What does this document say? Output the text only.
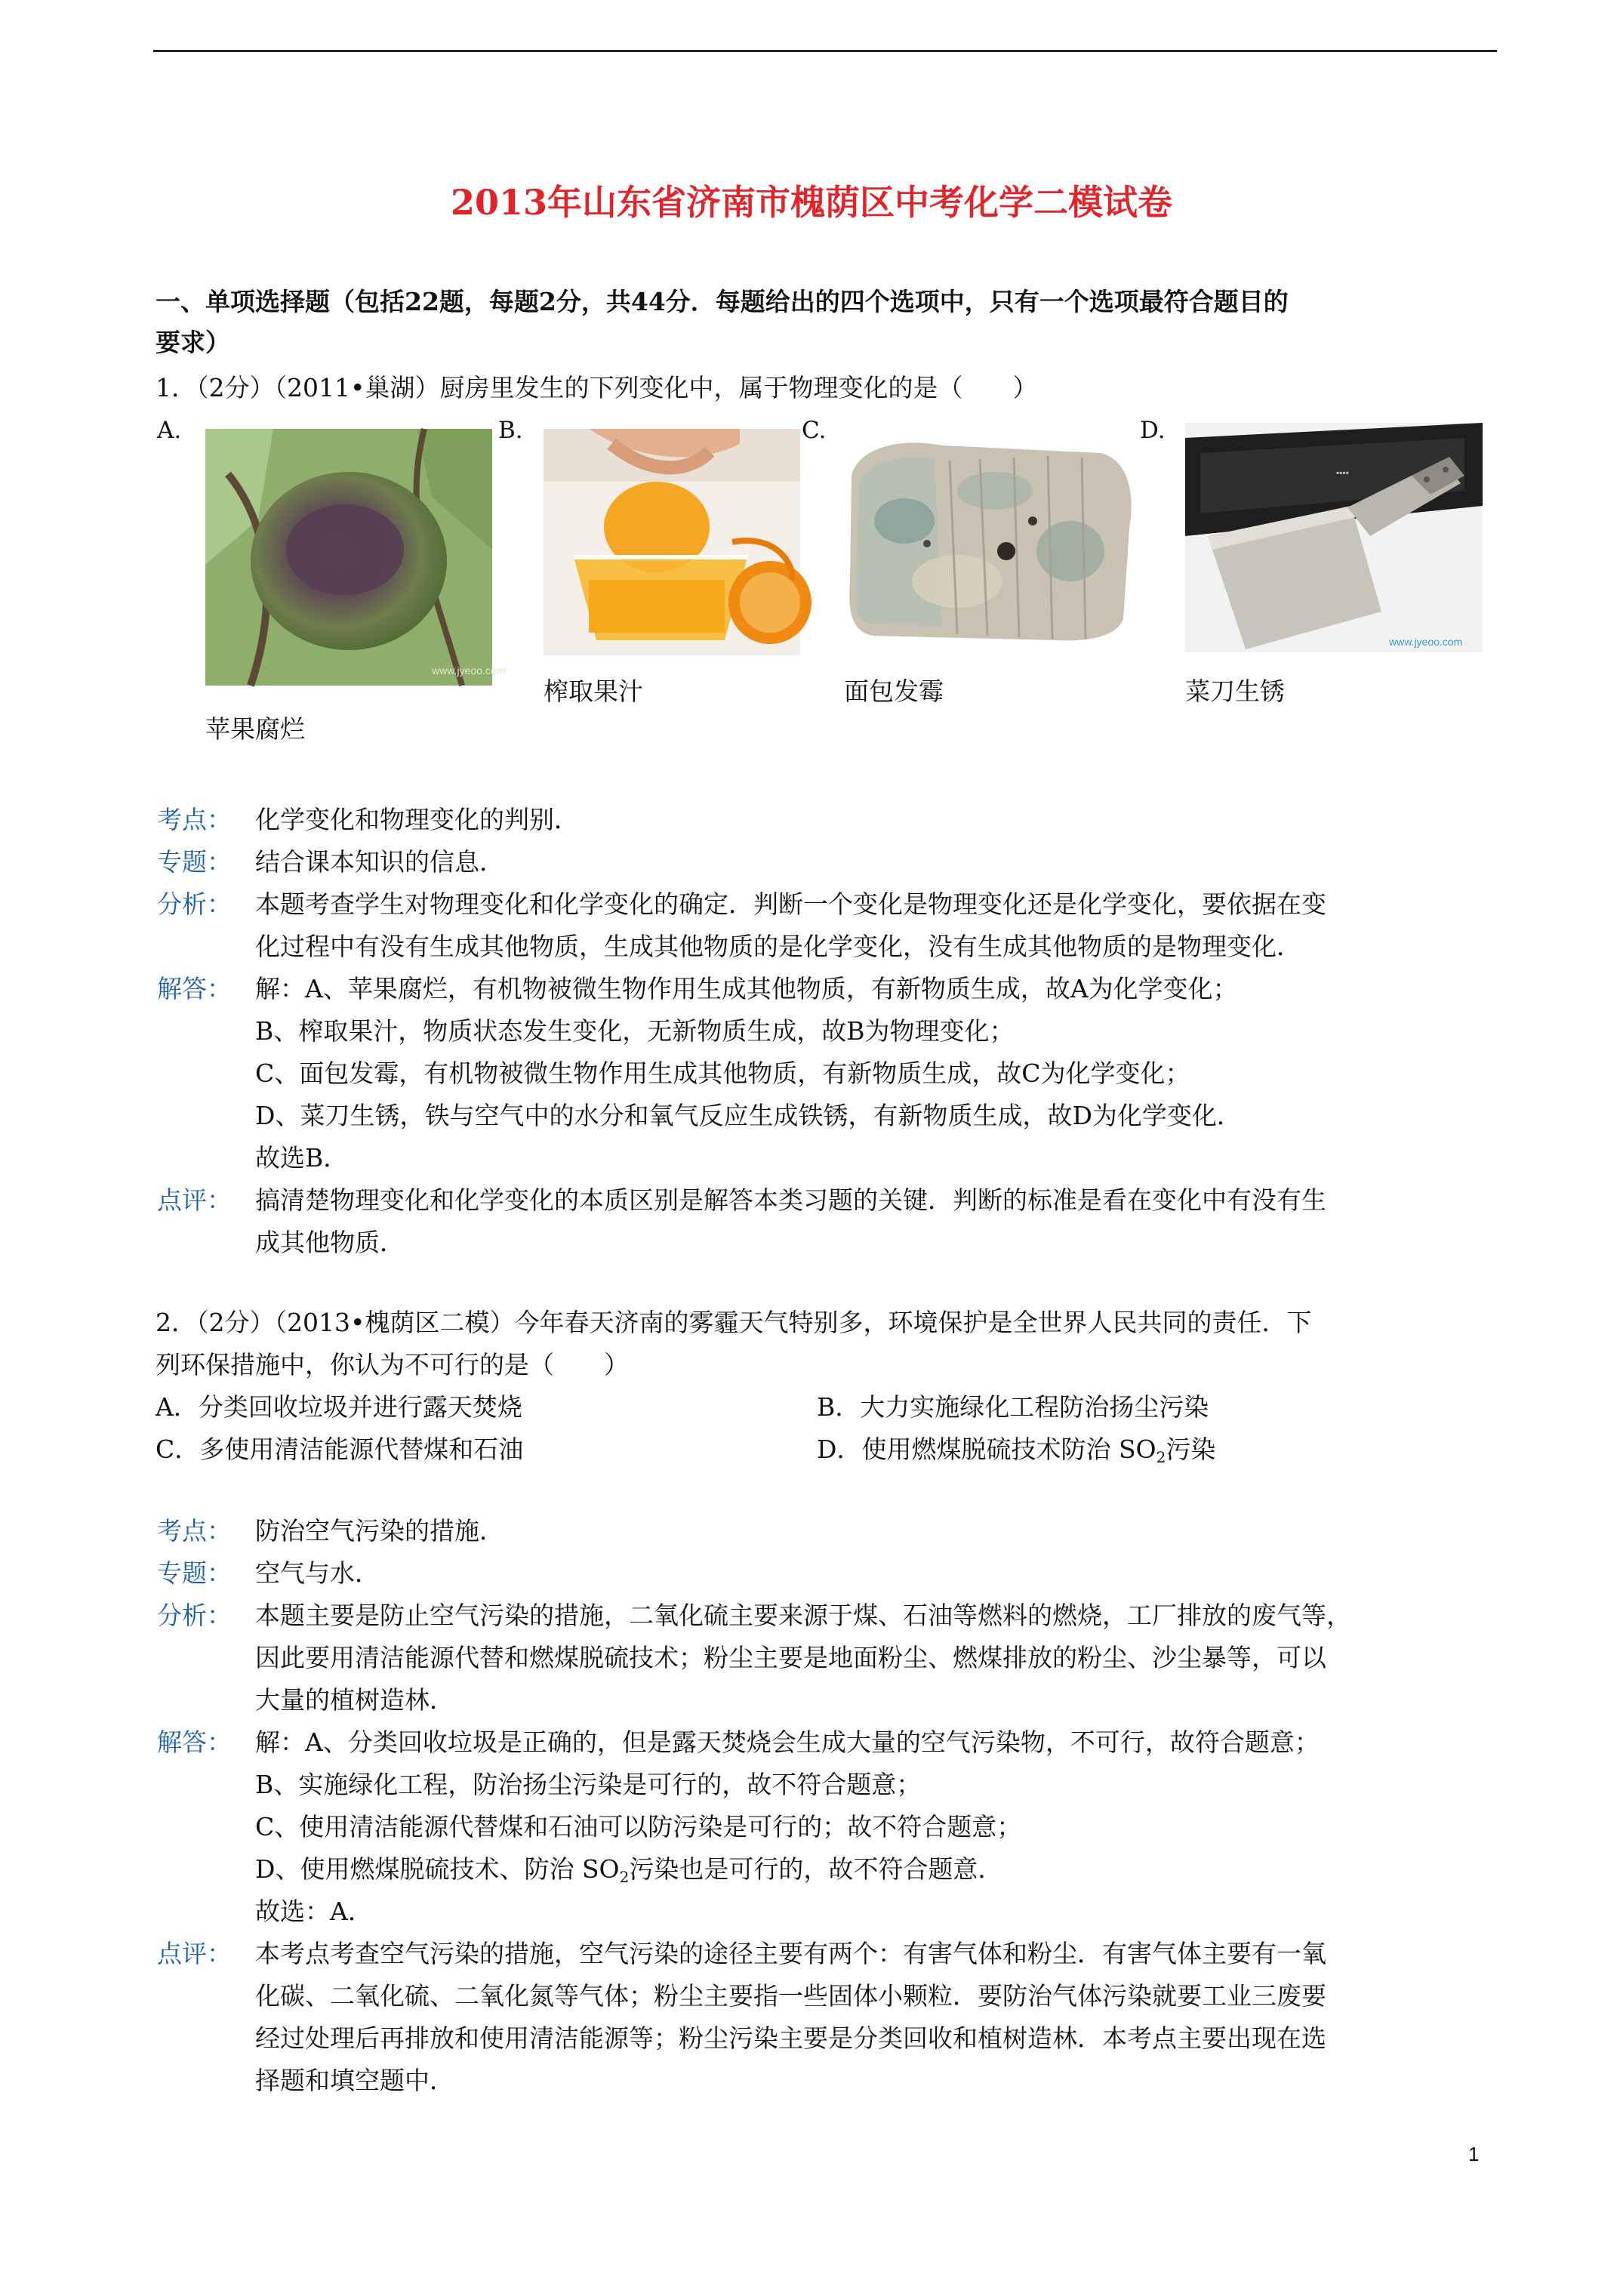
2013年山东省济南市槐荫区中考化学二模试卷
一、单项选择题（包括22题，每题2分，共44分．每题给出的四个选项中，只有一个选项最符合题目的
要求）
1．（2分）（2011•巢湖）厨房里发生的下列变化中，属于物理变化的是（　　）
A.
www.jyeoo.com
苹果腐烂
B.
榨取果汁
C.
面包发霉
D.
▪▪▪▪
www.jyeoo.com
菜刀生锈
考点： 化学变化和物理变化的判别．
专题： 结合课本知识的信息．
分析： 本题考查学生对物理变化和化学变化的确定．判断一个变化是物理变化还是化学变化，要依据在变
化过程中有没有生成其他物质，生成其他物质的是化学变化，没有生成其他物质的是物理变化．
解答： 解：A、苹果腐烂，有机物被微生物作用生成其他物质，有新物质生成，故A为化学变化；
B、榨取果汁，物质状态发生变化，无新物质生成，故B为物理变化；
C、面包发霉，有机物被微生物作用生成其他物质，有新物质生成，故C为化学变化；
D、菜刀生锈，铁与空气中的水分和氧气反应生成铁锈，有新物质生成，故D为化学变化．
故选B．
点评： 搞清楚物理变化和化学变化的本质区别是解答本类习题的关键．判断的标准是看在变化中有没有生
成其他物质．
2．（2分）（2013•槐荫区二模）今年春天济南的雾霾天气特别多，环境保护是全世界人民共同的责任．下
列环保措施中，你认为不可行的是（　　）
A．分类回收垃圾并进行露天焚烧	B．大力实施绿化工程防治扬尘污染
C．多使用清洁能源代替煤和石油	D．使用燃煤脱硫技术防治 $SO_2$污染
考点： 防治空气污染的措施．
专题： 空气与水．
分析： 本题主要是防止空气污染的措施，二氧化硫主要来源于煤、石油等燃料的燃烧，工厂排放的废气等，
因此要用清洁能源代替和燃煤脱硫技术；粉尘主要是地面粉尘、燃煤排放的粉尘、沙尘暴等，可以
大量的植树造林．
解答： 解：A、分类回收垃圾是正确的，但是露天焚烧会生成大量的空气污染物，不可行，故符合题意；
B、实施绿化工程，防治扬尘污染是可行的，故不符合题意；
C、使用清洁能源代替煤和石油可以防污染是可行的；故不符合题意；
D、使用燃煤脱硫技术、防治 $SO_2$污染也是可行的，故不符合题意．
故选：A．
点评： 本考点考查空气污染的措施，空气污染的途径主要有两个：有害气体和粉尘．有害气体主要有一氧
化碳、二氧化硫、二氧化氮等气体；粉尘主要指一些固体小颗粒．要防治气体污染就要工业三废要
经过处理后再排放和使用清洁能源等；粉尘污染主要是分类回收和植树造林．本考点主要出现在选
择题和填空题中．
1
